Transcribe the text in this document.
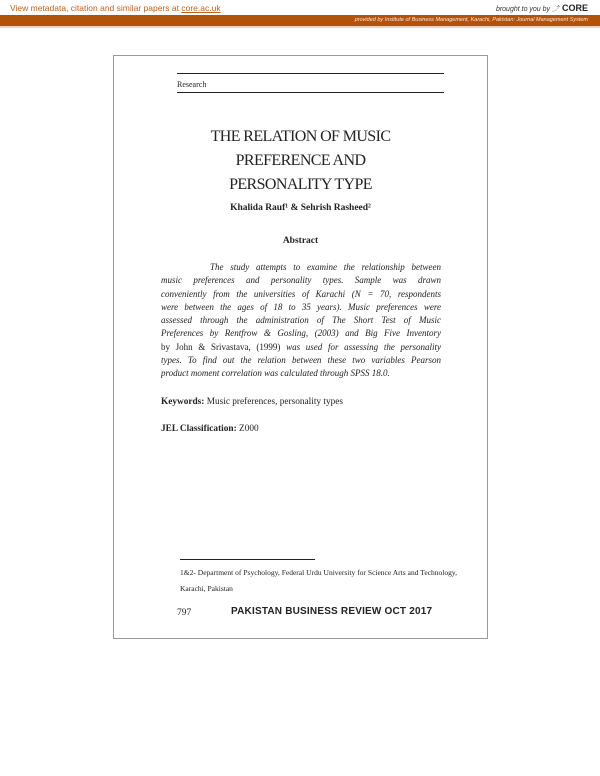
View metadata, citation and similar papers at core.ac.uk	brought to you by ⤴ CORE
provided by Institute of Business Management, Karachi, Pakistan: Journal Management System
Research
THE RELATION OF MUSIC
PREFERENCE AND
PERSONALITY TYPE
Khalida Rauf¹ & Sehrish Rasheed²
Abstract
The study attempts to examine the relationship between
music preferences and personality types. Sample was drawn
conveniently from the universities of Karachi (N = 70, respondents
were between the ages of 18 to 35 years). Music preferences were
assessed through the administration of The Short Test of Music
Preferences by Rentfrow & Gosling, (2003) and Big Five Inventory
by John & Srivastava, (1999) was used for assessing the personality
types. To find out the relation between these two variables Pearson
product moment correlation was calculated through SPSS 18.0.
Keywords: Music preferences, personality types
JEL Classification: Z000
1&2- Department of Psychology, Federal Urdu University for Science Arts and Technology, Karachi, Pakistan
797	PAKISTAN BUSINESS REVIEW OCT 2017
